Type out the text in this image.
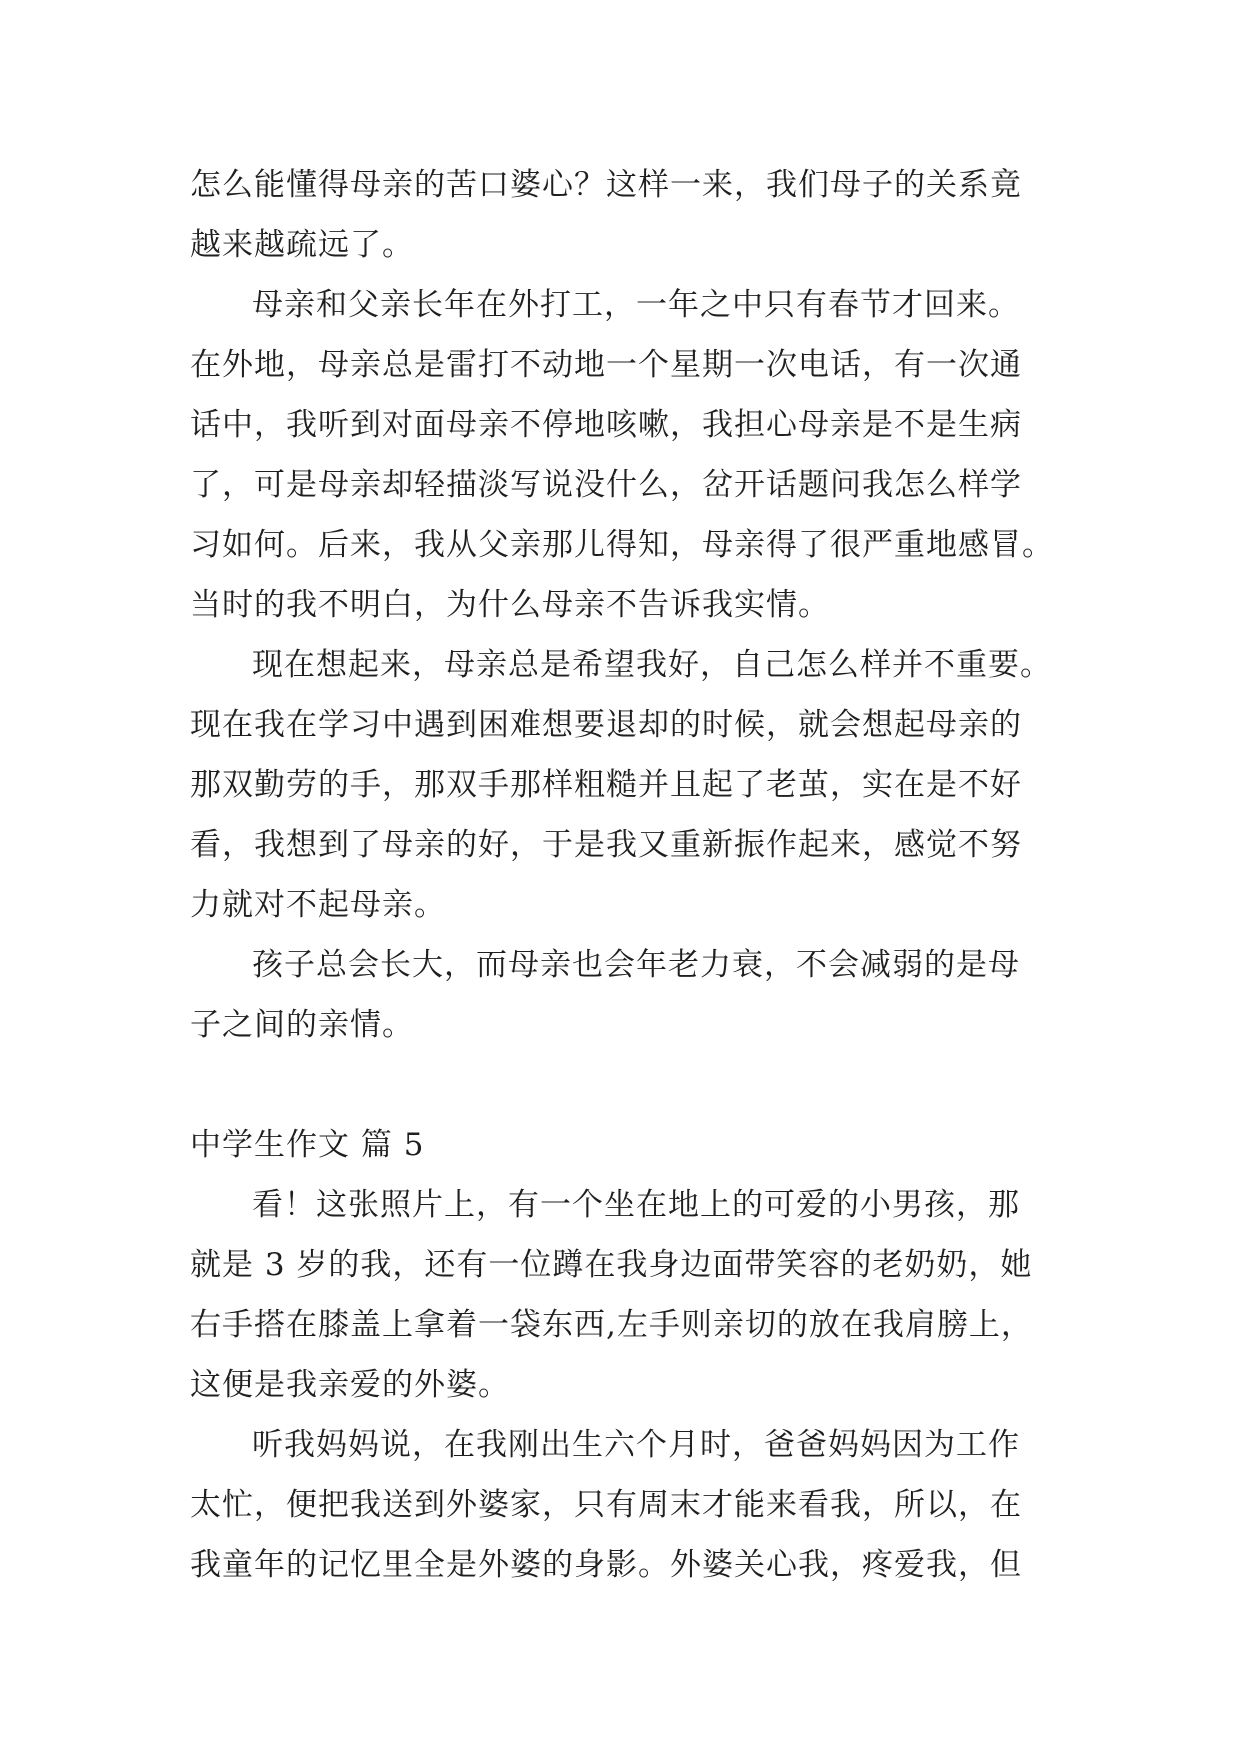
怎么能懂得母亲的苦口婆心？这样一来，我们母子的关系竟
越来越疏远了。
母亲和父亲长年在外打工，一年之中只有春节才回来。
在外地，母亲总是雷打不动地一个星期一次电话，有一次通
话中，我听到对面母亲不停地咳嗽，我担心母亲是不是生病
了，可是母亲却轻描淡写说没什么，岔开话题问我怎么样学
习如何。后来，我从父亲那儿得知，母亲得了很严重地感冒。
当时的我不明白，为什么母亲不告诉我实情。
现在想起来，母亲总是希望我好，自己怎么样并不重要。
现在我在学习中遇到困难想要退却的时候，就会想起母亲的
那双勤劳的手，那双手那样粗糙并且起了老茧，实在是不好
看，我想到了母亲的好，于是我又重新振作起来，感觉不努
力就对不起母亲。
孩子总会长大，而母亲也会年老力衰，不会减弱的是母
子之间的亲情。
中学生作文 篇 5
看！这张照片上，有一个坐在地上的可爱的小男孩，那
就是 3 岁的我，还有一位蹲在我身边面带笑容的老奶奶，她
右手搭在膝盖上拿着一袋东西,左手则亲切的放在我肩膀上，
这便是我亲爱的外婆。
听我妈妈说，在我刚出生六个月时，爸爸妈妈因为工作
太忙，便把我送到外婆家，只有周末才能来看我，所以，在
我童年的记忆里全是外婆的身影。外婆关心我，疼爱我，但
